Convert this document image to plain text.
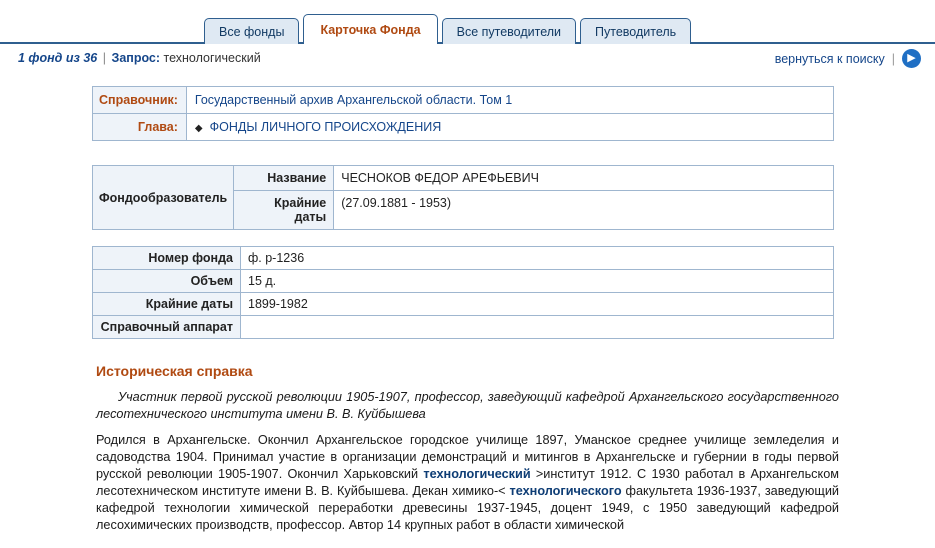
Все фонды	Карточка Фонда	Все путеводители	Путеводитель
1 фонд из 36 | Запрос: технологический	вернуться к поиску |	▶
Справочник:	Государственный архив Архангельской области. Том 1
Глава:	◆ ФОНДЫ ЛИЧНОГО ПРОИСХОЖДЕНИЯ
Фондообразователь	Название	ЧЕСНОКОВ ФЕДОР АРЕФЬЕВИЧ
	Крайние
даты	(27.09.1881 - 1953)
Номер фонда	ф. р-1236
Объем	15 д.
Крайние даты	1899-1982
Справочный аппарат	
Историческая справка

Участник первой русской революции 1905-1907, профессор, заведующий кафедрой Архангельского государственного лесотехнического института имени В. В. Куйбышева

Родился в Архангельске. Окончил Архангельское городское училище 1897, Уманское среднее училище земледелия и садоводства 1904. Принимал участие в организации демонстраций и митингов в Архангельске и губернии в годы первой русской революции 1905-1907. Окончил Харьковский технологический >институт 1912. С 1930 работал в Архангельском лесотехническом институте имени В. В. Куйбышева. Декан химико-< технологического факультета 1936-1937, заведующий кафедрой технологии химической переработки древесины 1937-1945, доцент 1949, с 1950 заведующий кафедрой лесохимических производств, профессор. Автор 14 крупных работ в области химической
